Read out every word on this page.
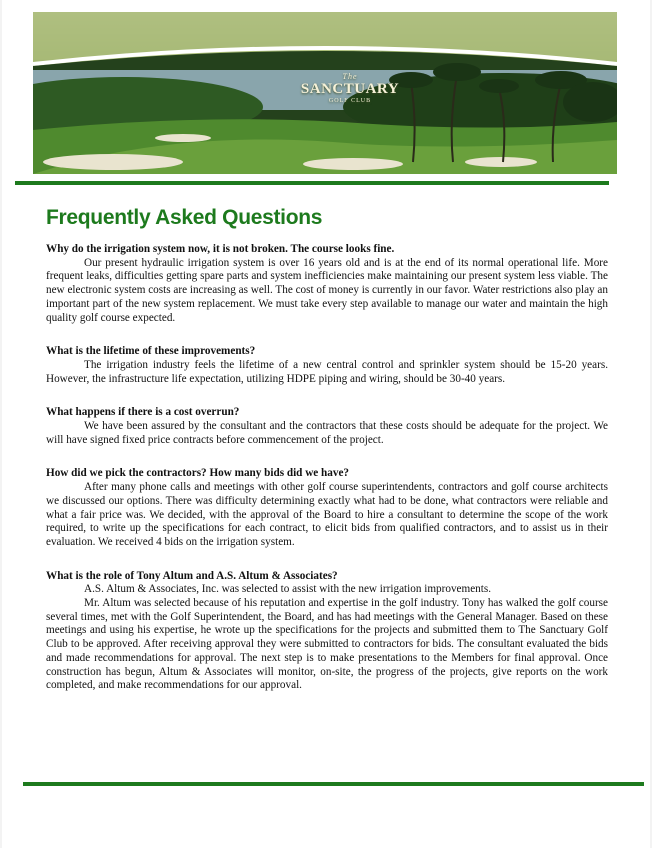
The
SANCTUARY
GOLF CLUB
Frequently Asked Questions

Why do the irrigation system now, it is not broken. The course looks fine.

Our present hydraulic irrigation system is over 16 years old and is at the end of its normal operational life. More frequent leaks, difficulties getting spare parts and system inefficiencies make maintaining our present system less viable. The new electronic system costs are increasing as well. The cost of money is currently in our favor. Water restrictions also play an important part of the new system replacement. We must take every step available to manage our water and maintain the high quality golf course expected.

What is the lifetime of these improvements?

The irrigation industry feels the lifetime of a new central control and sprinkler system should be 15-20 years. However, the infrastructure life expectation, utilizing HDPE piping and wiring, should be 30-40 years.

What happens if there is a cost overrun?

We have been assured by the consultant and the contractors that these costs should be adequate for the project. We will have signed fixed price contracts before commencement of the project.

How did we pick the contractors? How many bids did we have?

After many phone calls and meetings with other golf course superintendents, contractors and golf course architects we discussed our options. There was difficulty determining exactly what had to be done, what contractors were reliable and what a fair price was. We decided, with the approval of the Board to hire a consultant to determine the scope of the work required, to write up the specifications for each contract, to elicit bids from qualified contractors, and to assist us in their evaluation. We received 4 bids on the irrigation system.

What is the role of Tony Altum and A.S. Altum & Associates?

A.S. Altum & Associates, Inc. was selected to assist with the new irrigation improvements.

Mr. Altum was selected because of his reputation and expertise in the golf industry. Tony has walked the golf course several times, met with the Golf Superintendent, the Board, and has had meetings with the General Manager. Based on these meetings and using his expertise, he wrote up the specifications for the projects and submitted them to The Sanctuary Golf Club to be approved. After receiving approval they were submitted to contractors for bids. The consultant evaluated the bids and made recommendations for approval. The next step is to make presentations to the Members for final approval. Once construction has begun, Altum & Associates will monitor, on-site, the progress of the projects, give reports on the work completed, and make recommendations for our approval.
